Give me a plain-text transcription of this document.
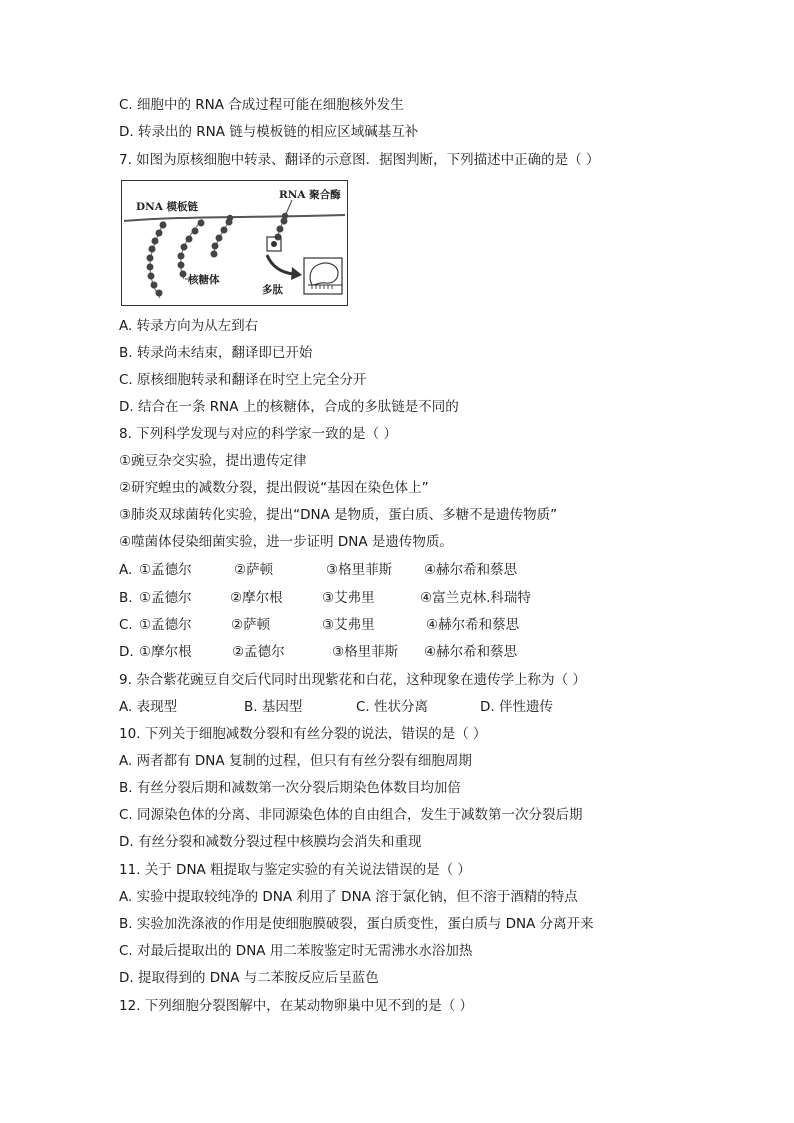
C. 细胞中的 RNA 合成过程可能在细胞核外发生
D. 转录出的 RNA 链与模板链的相应区域碱基互补
7. 如图为原核细胞中转录、翻译的示意图．据图判断，下列描述中正确的是（ ）
DNA 模板链
RNA 聚合酶
核糖体
多肽
A. 转录方向为从左到右
B. 转录尚未结束，翻译即已开始
C. 原核细胞转录和翻译在时空上完全分开
D. 结合在一条 RNA 上的核糖体，合成的多肽链是不同的
8. 下列科学发现与对应的科学家一致的是（ ）
①豌豆杂交实验，提出遗传定律
②研究蝗虫的减数分裂，提出假说“基因在染色体上”
③肺炎双球菌转化实验，提出“DNA 是物质，蛋白质、多糖不是遗传物质”
④噬菌体侵染细菌实验，进一步证明 DNA 是遗传物质。
A. ①孟德尔	②萨顿	③格里菲斯 ④赫尔希和蔡思
B. ①孟德尔	②摩尔根	③艾弗里	④富兰克林.科瑞特
C. ①孟德尔	②萨顿	③艾弗里	④赫尔希和蔡思
D. ①摩尔根	②孟德尔	③格里菲斯 ④赫尔希和蔡思
9. 杂合紫花豌豆自交后代同时出现紫花和白花，这种现象在遗传学上称为（ ）
A. 表现型	B. 基因型	C. 性状分离	D. 伴性遗传
10. 下列关于细胞减数分裂和有丝分裂的说法，错误的是（ ）
A. 两者都有 DNA 复制的过程，但只有有丝分裂有细胞周期
B. 有丝分裂后期和减数第一次分裂后期染色体数目均加倍
C. 同源染色体的分离、非同源染色体的自由组合，发生于减数第一次分裂后期
D. 有丝分裂和减数分裂过程中核膜均会消失和重现
11. 关于 DNA 粗提取与鉴定实验的有关说法错误的是（ ）
A. 实验中提取较纯净的 DNA 利用了 DNA 溶于氯化钠，但不溶于酒精的特点
B. 实验加洗涤液的作用是使细胞膜破裂，蛋白质变性，蛋白质与 DNA 分离开来
C. 对最后提取出的 DNA 用二苯胺鉴定时无需沸水水浴加热
D. 提取得到的 DNA 与二苯胺反应后呈蓝色
12. 下列细胞分裂图解中，在某动物卵巢中见不到的是（ ）
